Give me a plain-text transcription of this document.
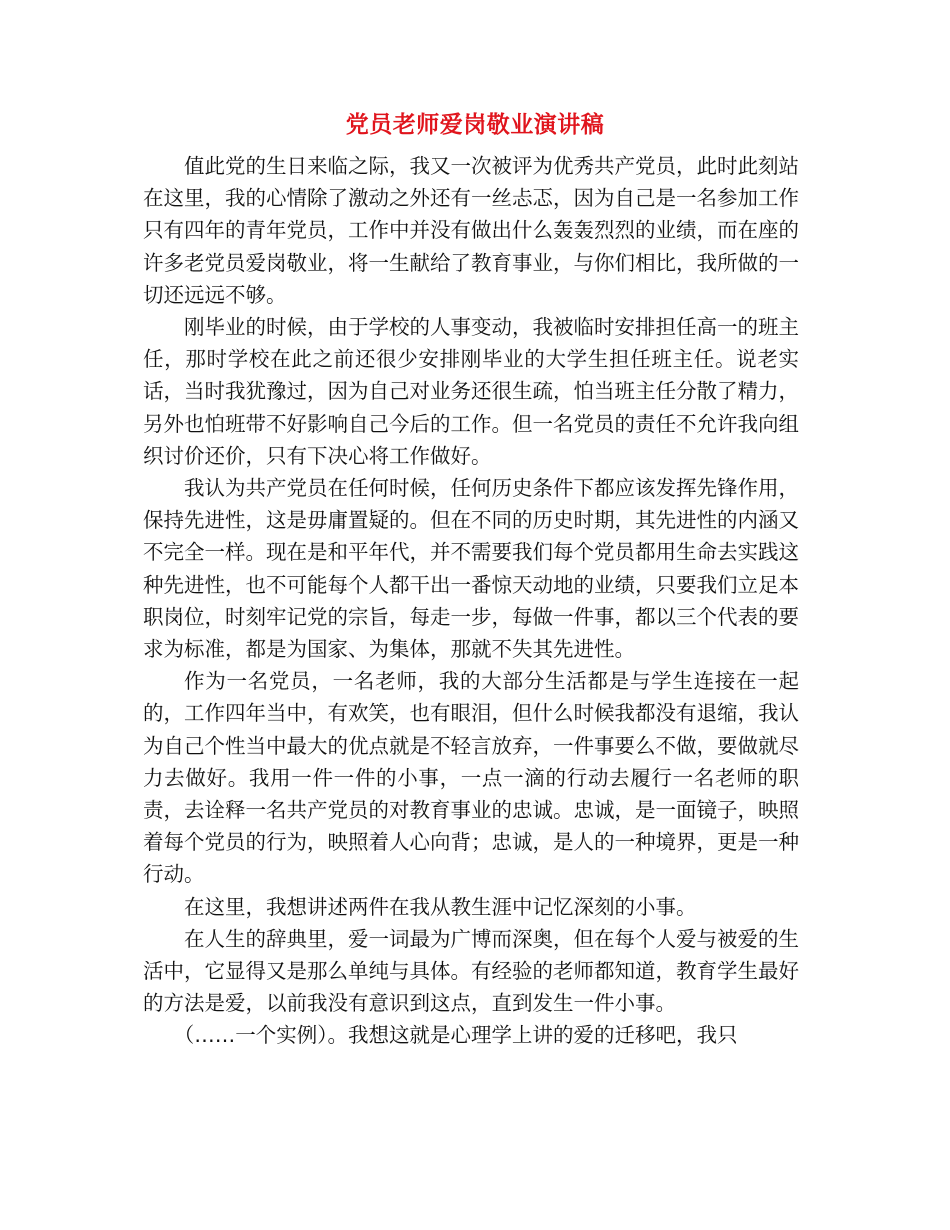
党员老师爱岗敬业演讲稿

值此党的生日来临之际，我又一次被评为优秀共产党员，此时此刻站在这里，我的心情除了激动之外还有一丝忐忑，因为自己是一名参加工作只有四年的青年党员，工作中并没有做出什么轰轰烈烈的业绩，而在座的许多老党员爱岗敬业，将一生献给了教育事业，与你们相比，我所做的一切还远远不够。

刚毕业的时候，由于学校的人事变动，我被临时安排担任高一的班主任，那时学校在此之前还很少安排刚毕业的大学生担任班主任。说老实话，当时我犹豫过，因为自己对业务还很生疏，怕当班主任分散了精力，另外也怕班带不好影响自己今后的工作。但一名党员的责任不允许我向组织讨价还价，只有下决心将工作做好。

我认为共产党员在任何时候，任何历史条件下都应该发挥先锋作用，保持先进性，这是毋庸置疑的。但在不同的历史时期，其先进性的内涵又不完全一样。现在是和平年代，并不需要我们每个党员都用生命去实践这种先进性，也不可能每个人都干出一番惊天动地的业绩，只要我们立足本职岗位，时刻牢记党的宗旨，每走一步，每做一件事，都以三个代表的要求为标准，都是为国家、为集体，那就不失其先进性。

作为一名党员，一名老师，我的大部分生活都是与学生连接在一起的，工作四年当中，有欢笑，也有眼泪，但什么时候我都没有退缩，我认为自己个性当中最大的优点就是不轻言放弃，一件事要么不做，要做就尽力去做好。我用一件一件的小事，一点一滴的行动去履行一名老师的职责，去诠释一名共产党员的对教育事业的忠诚。忠诚，是一面镜子，映照着每个党员的行为，映照着人心向背；忠诚，是人的一种境界，更是一种行动。

在这里，我想讲述两件在我从教生涯中记忆深刻的小事。

在人生的辞典里，爱一词最为广博而深奥，但在每个人爱与被爱的生活中，它显得又是那么单纯与具体。有经验的老师都知道，教育学生最好的方法是爱，以前我没有意识到这点，直到发生一件小事。

（……一个实例）。我想这就是心理学上讲的爱的迁移吧，我只
